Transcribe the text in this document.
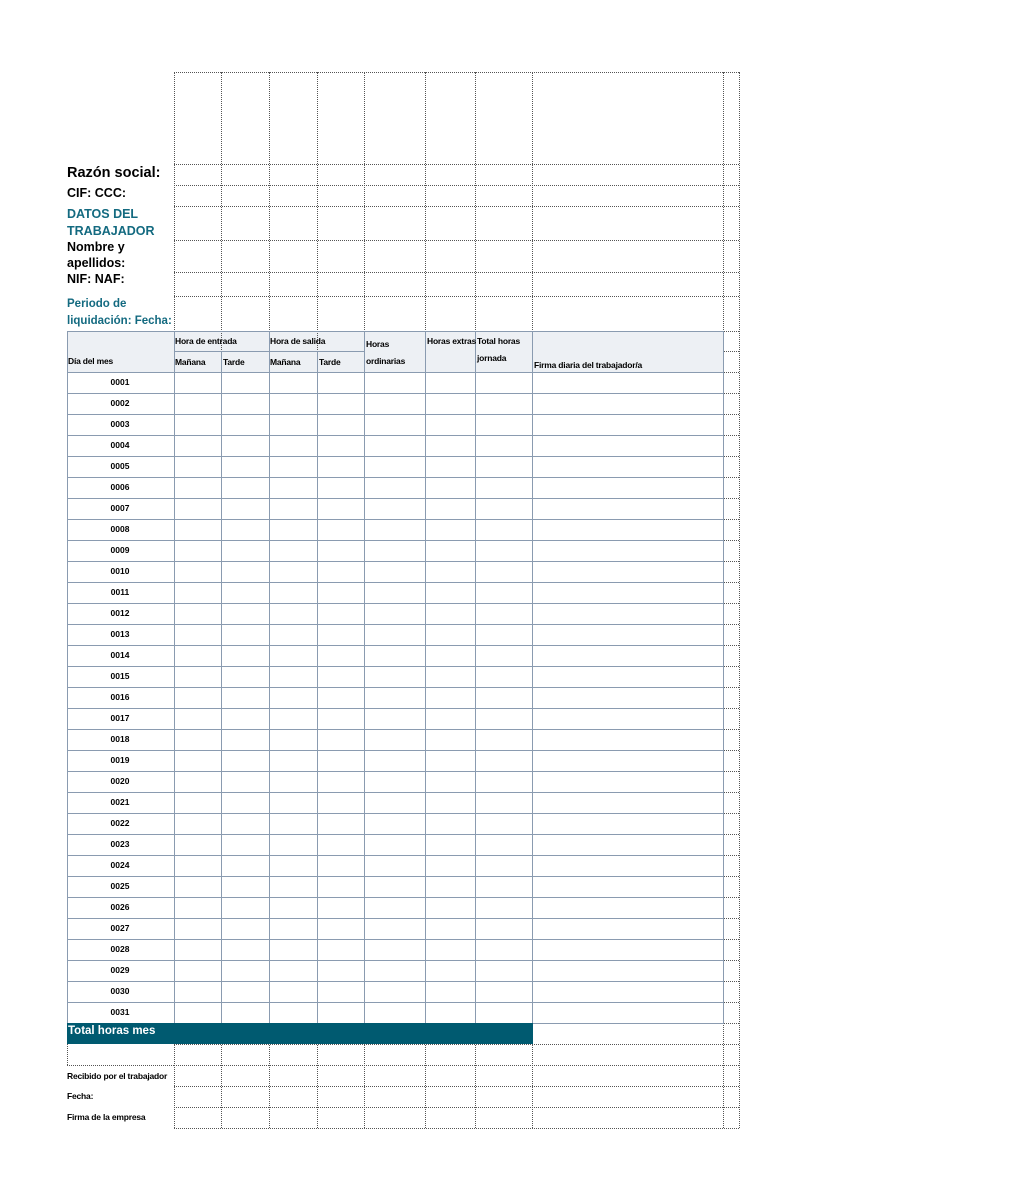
Razón social:
CIF: CCC:
DATOS DEL
TRABAJADOR
Nombre y
apellidos:
NIF: NAF:
Periodo de
liquidación: Fecha:
Día del mes
Hora de entrada	Hora de salida
Mañana Tarde	Mañana Tarde
Horas
ordinarias
Horas extras Total horas
jornada
Firma diaria del trabajador/a
0001
0002
0003
0004
0005
0006
0007
0008
0009
0010
0011
0012
0013
0014
0015
0016
0017
0018
0019
0020
0021
0022
0023
0024
0025
0026
0027
0028
0029
0030
0031
Total horas mes
Recibido por el trabajador
Fecha:
Firma de la empresa
